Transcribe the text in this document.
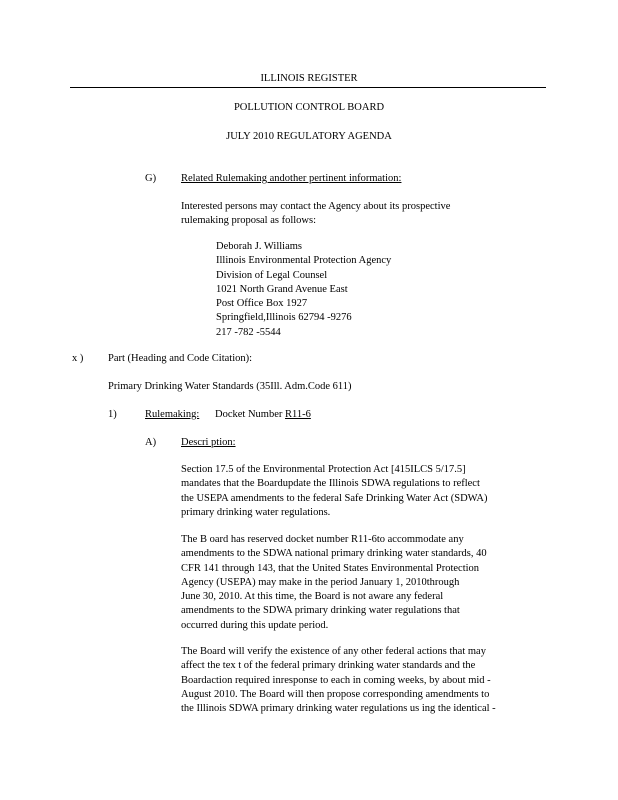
ILLINOIS REGISTER
POLLUTION CONTROL BOARD
JULY 2010 REGULATORY AGENDA
G) Related Rulemaking andother pertinent information:
Interested persons may contact the Agency about its prospective
rulemaking proposal as follows:
Deborah J. Williams
Illinois Environmental Protection Agency
Division of Legal Counsel
1021 North Grand Avenue East
Post Office Box 1927
Springfield,Illinois 62794 -9276
217 -782 -5544
x ) Part (Heading and Code Citation):
Primary Drinking Water Standards (35Ill. Adm.Code 611)
1)	Rulemaking: Docket Number R11-6
A) Descri ption:
Section 17.5 of the Environmental Protection Act [415ILCS 5/17.5]
mandates that the Boardupdate the Illinois SDWA regulations to reflect
the USEPA amendments to the federal Safe Drinking Water Act (SDWA)
primary drinking water regulations.
The B oard has reserved docket number R11-6to accommodate any
amendments to the SDWA national primary drinking water standards, 40
CFR 141 through 143, that the United States Environmental Protection
Agency (USEPA) may make in the period January 1, 2010through
June 30, 2010. At this time, the Board is not aware any federal
amendments to the SDWA primary drinking water regulations that
occurred during this update period.
The Board will verify the existence of any other federal actions that may
affect the tex t of the federal primary drinking water standards and the
Boardaction required inresponse to each in coming weeks, by about mid -
August 2010. The Board will then propose corresponding amendments to
the Illinois SDWA primary drinking water regulations us ing the identical -
